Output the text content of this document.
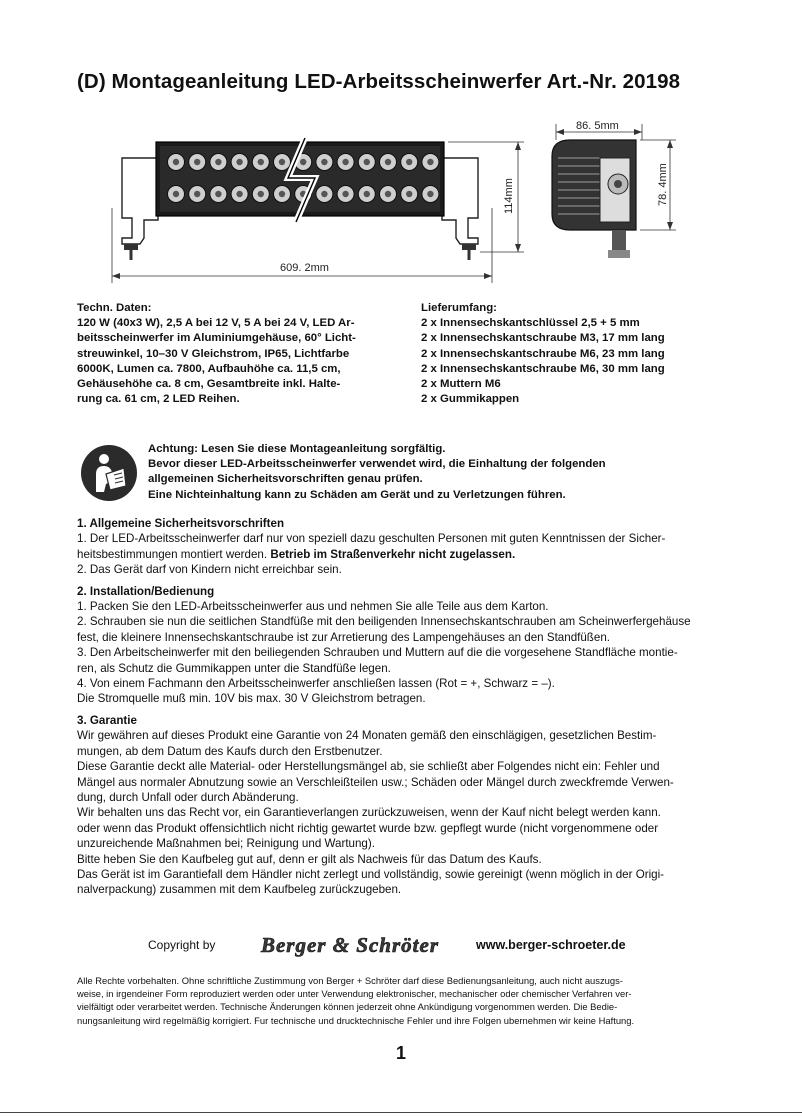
(D) Montageanleitung LED-Arbeitsscheinwerfer Art.-Nr. 20198
609. 2mm
114mm
86. 5mm
78. 4mm

Techn. Daten:

120 W (40x3 W), 2,5 A bei 12 V, 5 A bei 24 V, LED Ar-

beitsscheinwerfer im Aluminiumgehäuse, 60° Licht-

streuwinkel, 10–30 V Gleichstrom, IP65, Lichtfarbe

6000K, Lumen ca. 7800, Aufbauhöhe ca. 11,5 cm,

Gehäusehöhe ca. 8 cm, Gesamtbreite inkl. Halte-

rung ca. 61 cm, 2 LED Reihen.

Lieferumfang:

2 x Innensechskantschlüssel 2,5 + 5 mm

2 x Innensechskantschraube M3, 17 mm lang

2 x Innensechskantschraube M6, 23 mm lang

2 x Innensechskantschraube M6, 30 mm lang

2 x Muttern M6

2 x Gummikappen

Achtung: Lesen Sie diese Montageanleitung sorgfältig.

Bevor dieser LED-Arbeitsscheinwerfer verwendet wird, die Einhaltung der folgenden

allgemeinen Sicherheitsvorschriften genau prüfen.

Eine Nichteinhaltung kann zu Schäden am Gerät und zu Verletzungen führen.

1. Allgemeine Sicherheitsvorschriften

1. Der LED-Arbeitsscheinwerfer darf nur von speziell dazu geschulten Personen mit guten Kenntnissen der Sicher-

heitsbestimmungen montiert werden. Betrieb im Straßenverkehr nicht zugelassen.

2. Das Gerät darf von Kindern nicht erreichbar sein.

2. Installation/Bedienung

1. Packen Sie den LED-Arbeitsscheinwerfer aus und nehmen Sie alle Teile aus dem Karton.

2. Schrauben sie nun die seitlichen Standfüße mit den beiligenden Innensechskantschrauben am Scheinwerfergehäuse

fest, die kleinere Innensechskantschraube ist zur Arretierung des Lampengehäuses an den Standfüßen.

3. Den Arbeitscheinwerfer mit den beiliegenden Schrauben und Muttern auf die die vorgesehene Standfläche montie-

ren, als Schutz die Gummikappen unter die Standfüße legen.

4. Von einem Fachmann den Arbeitsscheinwerfer anschließen lassen (Rot = +, Schwarz = –).

Die Stromquelle muß min. 10V bis max. 30 V Gleichstrom betragen.

3. Garantie

Wir gewähren auf dieses Produkt eine Garantie von 24 Monaten gemäß den einschlägigen, gesetzlichen Bestim-

mungen, ab dem Datum des Kaufs durch den Erstbenutzer.

Diese Garantie deckt alle Material- oder Herstellungsmängel ab, sie schließt aber Folgendes nicht ein: Fehler und

Mängel aus normaler Abnutzung sowie an Verschleißteilen usw.; Schäden oder Mängel durch zweckfremde Verwen-

dung, durch Unfall oder durch Abänderung.

Wir behalten uns das Recht vor, ein Garantieverlangen zurückzuweisen, wenn der Kauf nicht belegt werden kann.

oder wenn das Produkt offensichtlich nicht richtig gewartet wurde bzw. gepflegt wurde (nicht vorgenommene oder

unzureichende Maßnahmen bei; Reinigung und Wartung).

Bitte heben Sie den Kaufbeleg gut auf, denn er gilt als Nachweis für das Datum des Kaufs.

Das Gerät ist im Garantiefall dem Händler nicht zerlegt und vollständig, sowie gereinigt (wenn möglich in der Origi-

nalverpackung) zusammen mit dem Kaufbeleg zurückzugeben.

Copyright by Berger & Schröter	www.berger-schroeter.de
Alle Rechte vorbehalten. Ohne schriftliche Zustimmung von Berger + Schröter darf diese Bedienungsanleitung, auch nicht auszugs-
weise, in irgendeiner Form reproduziert werden oder unter Verwendung elektronischer, mechanischer oder chemischer Verfahren ver-
vielfältigt oder verarbeitet werden. Technische Änderungen können jederzeit ohne Ankündigung vorgenommen werden. Die Bedie-
nungsanleitung wird regelmäßig korrigiert. Fur technische und drucktechnische Fehler und ihre Folgen ubernehmen wir keine Haftung.
1
